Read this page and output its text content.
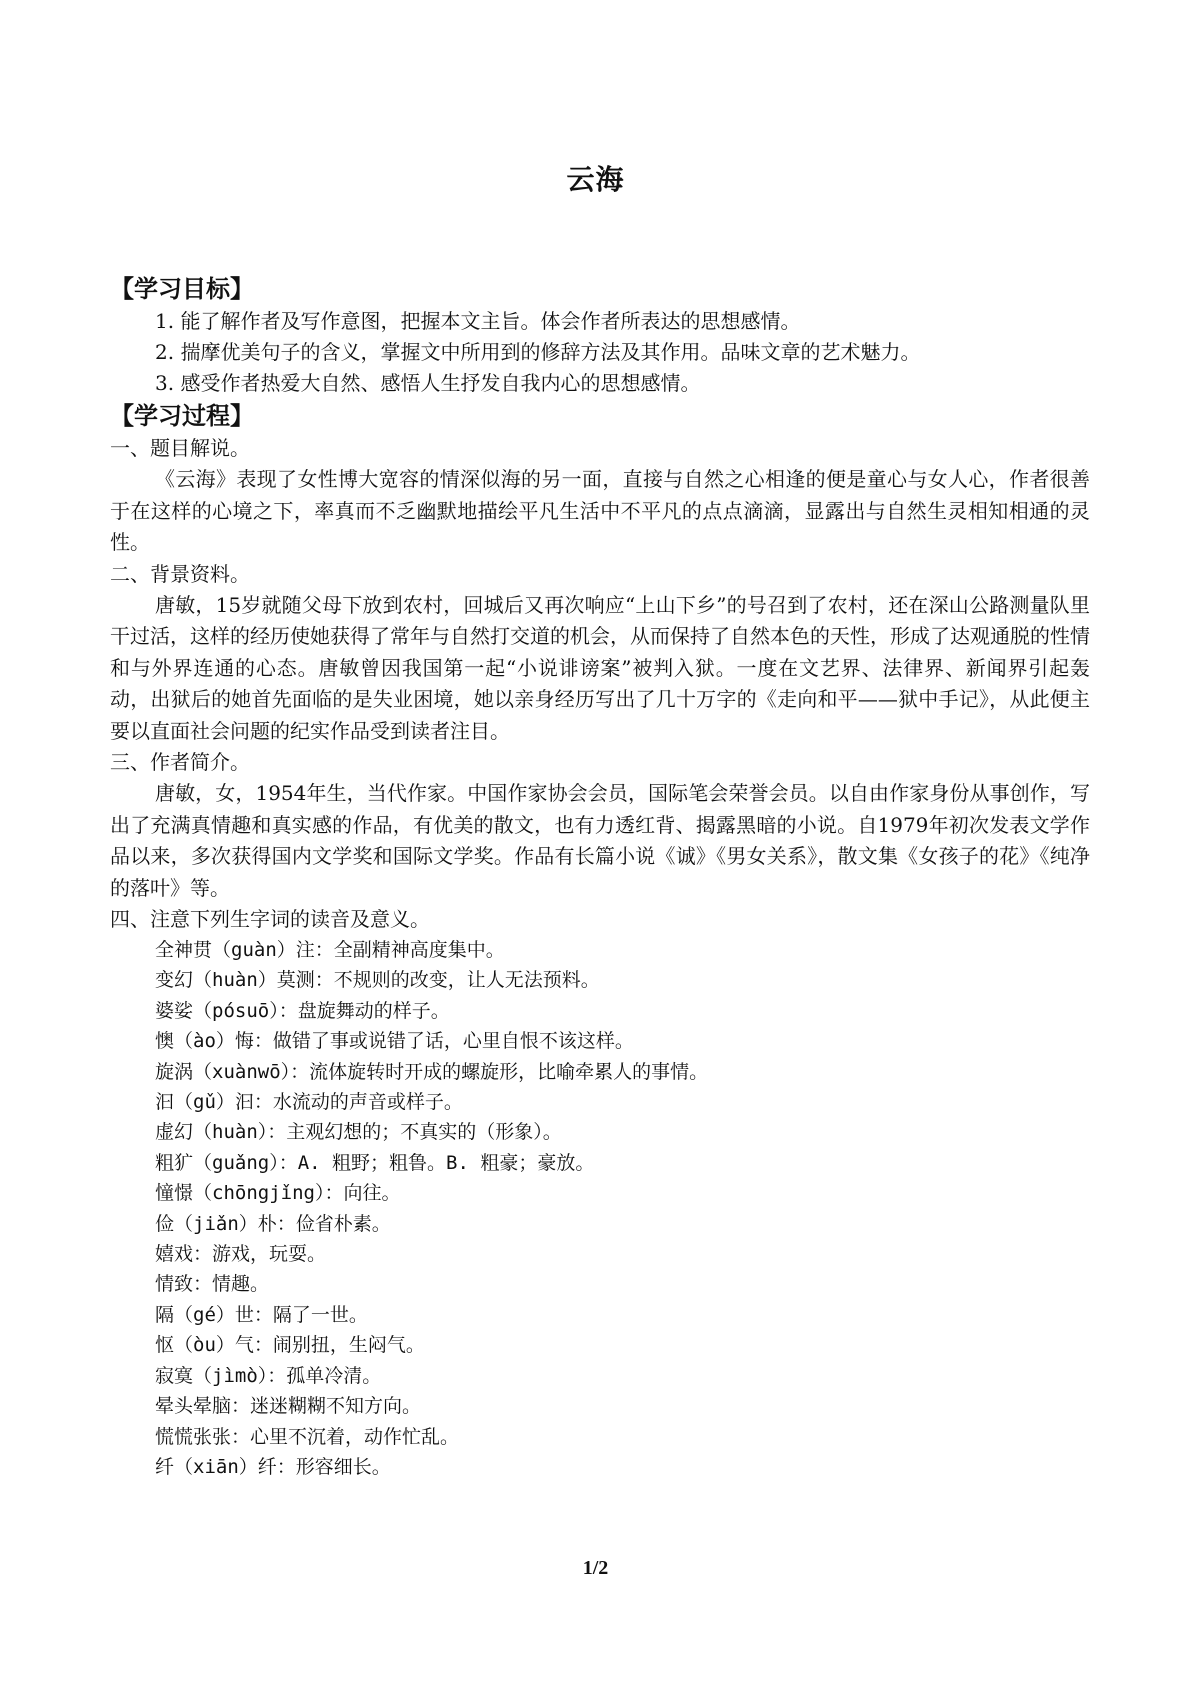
云海
【学习目标】
1. 能了解作者及写作意图，把握本文主旨。体会作者所表达的思想感情。
2. 揣摩优美句子的含义，掌握文中所用到的修辞方法及其作用。品味文章的艺术魅力。
3. 感受作者热爱大自然、感悟人生抒发自我内心的思想感情。
【学习过程】
一、题目解说。

《云海》表现了女性博大宽容的情深似海的另一面，直接与自然之心相逢的便是童心与女人心，作者很善于在这样的心境之下，率真而不乏幽默地描绘平凡生活中不平凡的点点滴滴，显露出与自然生灵相知相通的灵性。

二、背景资料。

唐敏，15岁就随父母下放到农村，回城后又再次响应“上山下乡”的号召到了农村，还在深山公路测量队里干过活，这样的经历使她获得了常年与自然打交道的机会，从而保持了自然本色的天性，形成了达观通脱的性情和与外界连通的心态。唐敏曾因我国第一起“小说诽谤案”被判入狱。一度在文艺界、法律界、新闻界引起轰动，出狱后的她首先面临的是失业困境，她以亲身经历写出了几十万字的《走向和平——狱中手记》，从此便主要以直面社会问题的纪实作品受到读者注目。

三、作者简介。

唐敏，女，1954年生，当代作家。中国作家协会会员，国际笔会荣誉会员。以自由作家身份从事创作，写出了充满真情趣和真实感的作品，有优美的散文，也有力透红背、揭露黑暗的小说。自1979年初次发表文学作品以来，多次获得国内文学奖和国际文学奖。作品有长篇小说《诚》《男女关系》，散文集《女孩子的花》《纯净的落叶》等。

四、注意下列生字词的读音及意义。
全神贯（guàn）注：全副精神高度集中。
变幻（huàn）莫测：不规则的改变，让人无法预料。
婆娑（pósuō）：盘旋舞动的样子。
懊（ào）悔：做错了事或说错了话，心里自恨不该这样。
旋涡（xuànwō）：流体旋转时开成的螺旋形，比喻牵累人的事情。
汩（gǔ）汩：水流动的声音或样子。
虚幻（huàn）：主观幻想的；不真实的（形象）。
粗犷（guǎng）：A. 粗野；粗鲁。B. 粗豪；豪放。
憧憬（chōngjǐng）：向往。
俭（jiǎn）朴：俭省朴素。
嬉戏：游戏，玩耍。
情致：情趣。
隔（gé）世：隔了一世。
怄（òu）气：闹别扭，生闷气。
寂寞（jìmò）：孤单冷清。
晕头晕脑：迷迷糊糊不知方向。
慌慌张张：心里不沉着，动作忙乱。
纤（xiān）纤：形容细长。
1/2
